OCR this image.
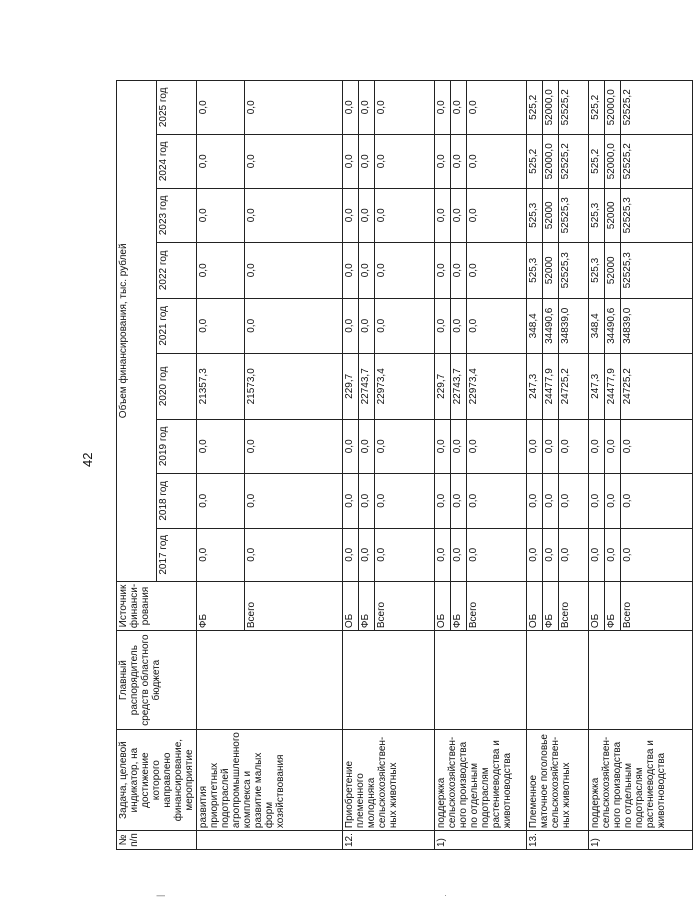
42
№ п/п	Задача, целевой индикатор, на достижение которого направлено финансирование, мероприятие	Главный распорядитель средств областного бюджета	Источник финанси-рования	Объем финансирования, тыс. рублей								
				2017 год	2018 год	2019 год	2020 год	2021 год	2022 год	2023 год	2024 год	2025 год
	развития приоритетных подотраслей агропромышленного комплекса и развитие малых форм хозяйствования		ФБ	0,0	0,0	0,0	21357,3	0,0	0,0	0,0	0,0	0,0
			Всего	0,0	0,0	0,0	21573,0	0,0	0,0	0,0	0,0	0,0
12.	Приобретение племенного молодняка сельскохозяйствен-ных животных		ОБ	0,0	0,0	0,0	229,7	0,0	0,0	0,0	0,0	0,0
			ФБ	0,0	0,0	0,0	22743,7	0,0	0,0	0,0	0,0	0,0
			Всего	0,0	0,0	0,0	22973,4	0,0	0,0	0,0	0,0	0,0
1)	поддержка сельскохозяйствен-ного производства по отдельным подотраслям растениеводства и животноводства		ОБ	0,0	0,0	0,0	229,7	0,0	0,0	0,0	0,0	0,0
			ФБ	0,0	0,0	0,0	22743,7	0,0	0,0	0,0	0,0	0,0
			Всего	0,0	0,0	0,0	22973,4	0,0	0,0	0,0	0,0	0,0
13.	Племенное маточное поголовье сельскохозяйствен-ных животных		ОБ	0,0	0,0	0,0	247,3	348,4	525,3	525,3	525,2	525,2
			ФБ	0,0	0,0	0,0	24477,9	34490,6	52000	52000	52000,0	52000,0
			Всего	0,0	0,0	0,0	24725,2	34839,0	52525,3	52525,3	52525,2	52525,2
1)	поддержка сельскохозяйствен-ного производства по отдельным подотраслям растениеводства и животноводства		ОБ	0,0	0,0	0,0	247,3	348,4	525,3	525,3	525,2	525,2
			ФБ	0,0	0,0	0,0	24477,9	34490,6	52000	52000	52000,0	52000,0
			Всего	0,0	0,0	0,0	24725,2	34839,0	52525,3	52525,3	52525,2	52525,2
|	·
